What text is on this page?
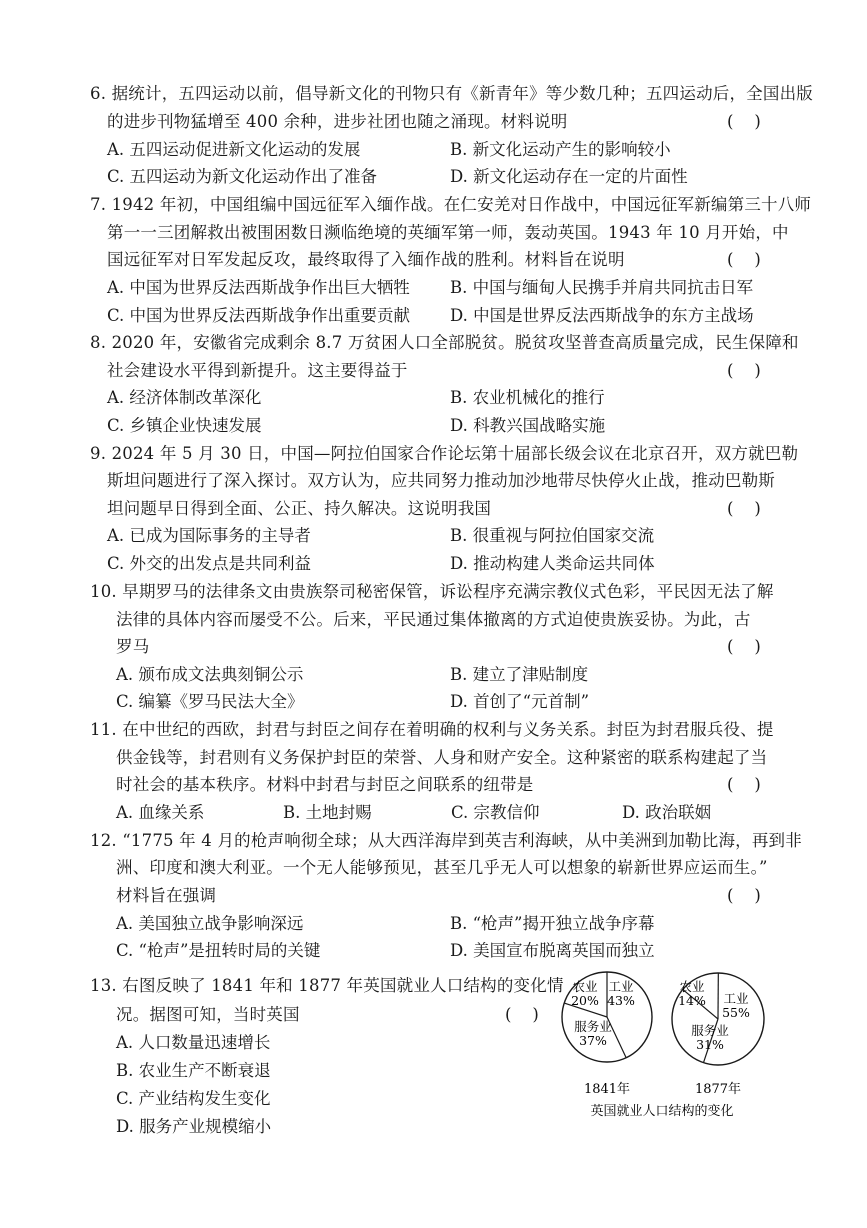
6. 据统计，五四运动以前，倡导新文化的刊物只有《新青年》等少数几种；五四运动后，全国出版
的进步刊物猛增至 400 余种，进步社团也随之涌现。材料说明	(    )
A. 五四运动促进新文化运动的发展	B. 新文化运动产生的影响较小
C. 五四运动为新文化运动作出了准备	D. 新文化运动存在一定的片面性
7. 1942 年初，中国组编中国远征军入缅作战。在仁安羌对日作战中，中国远征军新编第三十八师
第一一三团解救出被围困数日濒临绝境的英缅军第一师，轰动英国。1943 年 10 月开始，中
国远征军对日军发起反攻，最终取得了入缅作战的胜利。材料旨在说明	(    )
A. 中国为世界反法西斯战争作出巨大牺牲 B. 中国与缅甸人民携手并肩共同抗击日军
C. 中国为世界反法西斯战争作出重要贡献 D. 中国是世界反法西斯战争的东方主战场
8. 2020 年，安徽省完成剩余 8.7 万贫困人口全部脱贫。脱贫攻坚普查高质量完成，民生保障和
社会建设水平得到新提升。这主要得益于	(    )
A. 经济体制改革深化	B. 农业机械化的推行
C. 乡镇企业快速发展	D. 科教兴国战略实施
9. 2024 年 5 月 30 日，中国—阿拉伯国家合作论坛第十届部长级会议在北京召开，双方就巴勒
斯坦问题进行了深入探讨。双方认为，应共同努力推动加沙地带尽快停火止战，推动巴勒斯
坦问题早日得到全面、公正、持久解决。这说明我国	(    )
A. 已成为国际事务的主导者	B. 很重视与阿拉伯国家交流
C. 外交的出发点是共同利益	D. 推动构建人类命运共同体
10. 早期罗马的法律条文由贵族祭司秘密保管，诉讼程序充满宗教仪式色彩，平民因无法了解
法律的具体内容而屡受不公。后来，平民通过集体撤离的方式迫使贵族妥协。为此，古
罗马	(    )
A. 颁布成文法典刻铜公示	B. 建立了津贴制度
C. 编纂《罗马民法大全》	D. 首创了“元首制”
11. 在中世纪的西欧，封君与封臣之间存在着明确的权利与义务关系。封臣为封君服兵役、提
供金钱等，封君则有义务保护封臣的荣誉、人身和财产安全。这种紧密的联系构建起了当
时社会的基本秩序。材料中封君与封臣之间联系的纽带是	(    )
A. 血缘关系	B. 土地封赐	C. 宗教信仰	D. 政治联姻
12. “1775 年 4 月的枪声响彻全球；从大西洋海岸到英吉利海峡，从中美洲到加勒比海，再到非
洲、印度和澳大利亚。一个无人能够预见，甚至几乎无人可以想象的崭新世界应运而生。”
材料旨在强调	(    )
A. 美国独立战争影响深远	B. “枪声”揭开独立战争序幕
C. “枪声”是扭转时局的关键	D. 美国宣布脱离英国而独立
13. 右图反映了 1841 年和 1877 年英国就业人口结构的变化情
况。据图可知，当时英国	(    )
A. 人口数量迅速增长
B. 农业生产不断衰退
C. 产业结构发生变化
D. 服务产业规模缩小
英国就业人口结构的变化
农业
20%
工业
43%
服务业
37%
1841年
农业
14% 工业
55%
服务业
31%
1877年
